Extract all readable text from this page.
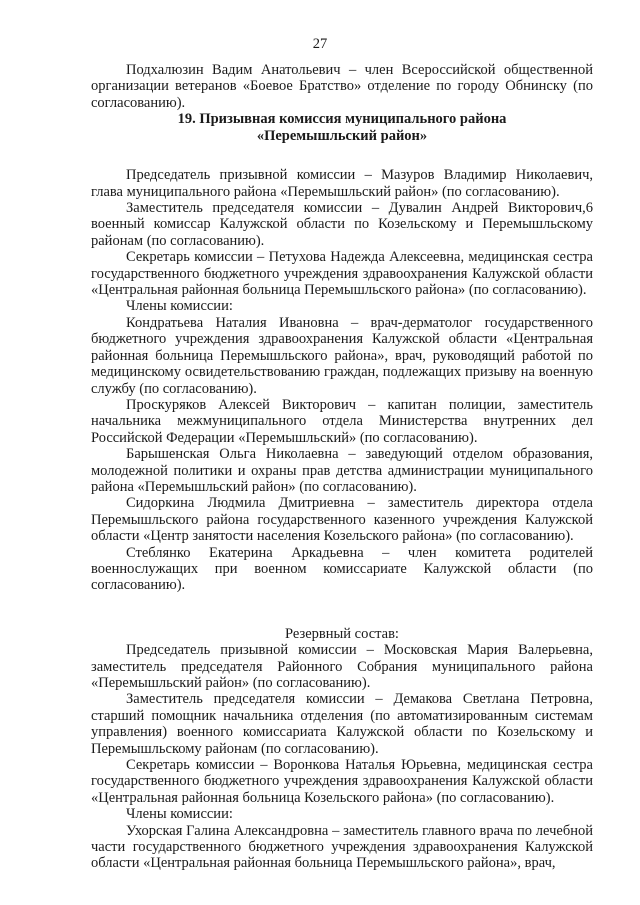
27

Подхалюзин Вадим Анатольевич – член Всероссийской общественной организации ветеранов «Боевое Братство» отделение по городу Обнинску (по согласованию).

19. Призывная комиссия муниципального района
«Перемышльский район»

Председатель призывной комиссии – Мазуров Владимир Николаевич, глава муниципального района «Перемышльский район» (по согласованию).

Заместитель председателя комиссии – Дувалин Андрей Викторович,6 военный комиссар Калужской области по Козельскому и Перемышльскому районам (по согласованию).

Секретарь комиссии – Петухова Надежда Алексеевна, медицинская сестра государственного бюджетного учреждения здравоохранения Калужской области «Центральная районная больница Перемышльского района» (по согласованию).

Члены комиссии:

Кондратьева Наталия Ивановна – врач-дерматолог государственного бюджетного учреждения здравоохранения Калужской области «Центральная районная больница Перемышльского района», врач, руководящий работой по медицинскому освидетельствованию граждан, подлежащих призыву на военную службу (по согласованию).

Проскуряков Алексей Викторович – капитан полиции, заместитель начальника межмуниципального отдела Министерства внутренних дел Российской Федерации «Перемышльский» (по согласованию).

Барышенская Ольга Николаевна – заведующий отделом образования, молодежной политики и охраны прав детства администрации муниципального района «Перемышльский район» (по согласованию).

Сидоркина Людмила Дмитриевна – заместитель директора отдела Перемышльского района государственного казенного учреждения Калужской области «Центр занятости населения Козельского района» (по согласованию).

Стеблянко Екатерина Аркадьевна – член комитета родителей военнослужащих при военном комиссариате Калужской области (по согласованию).

Резервный состав:

Председатель призывной комиссии – Московская Мария Валерьевна, заместитель председателя Районного Собрания муниципального района «Перемышльский район» (по согласованию).

Заместитель председателя комиссии – Демакова Светлана Петровна, старший помощник начальника отделения (по автоматизированным системам управления) военного комиссариата Калужской области по Козельскому и Перемышльскому районам (по согласованию).

Секретарь комиссии – Воронкова Наталья Юрьевна, медицинская сестра государственного бюджетного учреждения здравоохранения Калужской области «Центральная районная больница Козельского района» (по согласованию).

Члены комиссии:

Ухорская Галина Александровна – заместитель главного врача по лечебной части государственного бюджетного учреждения здравоохранения Калужской области «Центральная районная больница Перемышльского района», врач,
